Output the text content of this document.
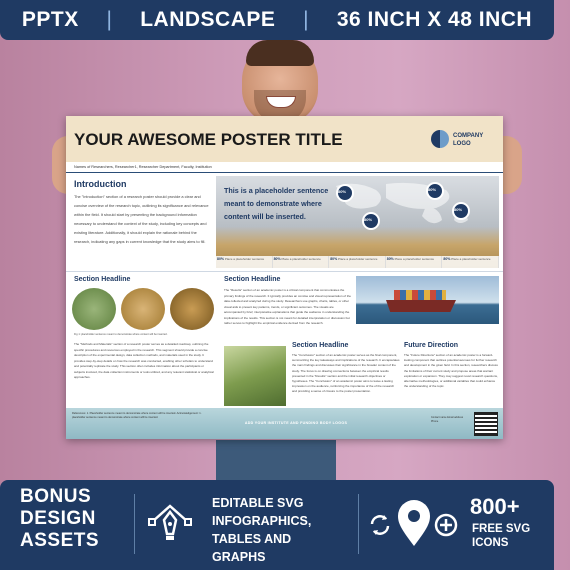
PPTX | LANDSCAPE | 36 INCH X 48 INCH
YOUR AWESOME POSTER TITLE	COMPANY LOGO
Names of Researchers, Researcher1, Researcher Department, Faculty, Institution
Introduction
The "Introduction" section of a research poster should provide a clear and concise overview of the research topic, outlining its significance and relevance within the field. It should start by presenting the background information necessary to understand the context of the study, including key concepts and existing literature. Additionally, it should explain the rationale behind the research, indicating any gaps in current knowledge that the study aims to fill.
This is a placeholder sentence meant to demonstrate where content will be inserted.
80%
80%
80%
80%
80% Place a placeholder sentence	80% Place a placeholder sentence	80% Place a placeholder sentence	80% Place a placeholder sentence	80% Place a placeholder sentence
Section Headline
Fig 1: placeholder sentence meant to demonstrate where content will be inserted.
The "Methods and Materials" section of a research poster serves as a detailed roadmap, outlining the specific procedures and resources employed in the research. This segment should provide a concise description of the experimental design, data collection methods, and materials used in the study. It provides step-by-step details on how the research was conducted, enabling other scholars to understand and potentially replicate the study. This section often includes information about the participants or subjects involved, the data collection instruments or tools utilized, and any relevant statistical or analytical approaches.
Section Headline
The "Results" section of an academic poster is a critical component that communicates the primary findings of the research. It typically provides an concise and visual representation of the data collected and analyzed during the study. Researchers use graphs, charts, tables, or other visual aids to present key patterns, trends, or significant outcomes. The visuals are accompanied by brief, interpretative explanations that guide the audience in understanding the implications of the results. This section is not meant for detailed interpretation or discussion but rather serves to highlight the empirical evidence derived from the research.
Section Headline
The "Conclusion" section of an academic poster serves as the final component, summarizing the key takeaways and implications of the research. It encapsulates the main findings and discusses their significance in the broader context of the study. The focus is on drawing connections between the empirical results presented in the "Results" section and the initial research objectives or hypotheses. The "Conclusion" of an academic poster aims to leave a lasting impression on the audience, reinforcing the importance of the of the research and providing a sense of closure to the poster presentation.
Future Direction
The "Future Directions" section of an academic poster is a forward-looking component that outlines potential avenues for further research and development in the given field. In this section, researchers discuss the limitations of their current study and propose areas that warrant exploration or expansion. They may suggest novel research questions, alternative methodologies, or additional variables that could enhance the understanding of the topic.
References: 1. Placeholder sentence meant to demonstrate where content will be inserted. Acknowledgement: 1. placeholder sentence meant to demonstrate where content will be inserted.
ADD YOUR INSTITUTE AND FUNDING BODY LOGOS
Contact name Email address Phone
BONUS
DESIGN
ASSETS
EDITABLE SVG
INFOGRAPHICS,
TABLES AND
GRAPHS
800+
FREE SVG
ICONS
